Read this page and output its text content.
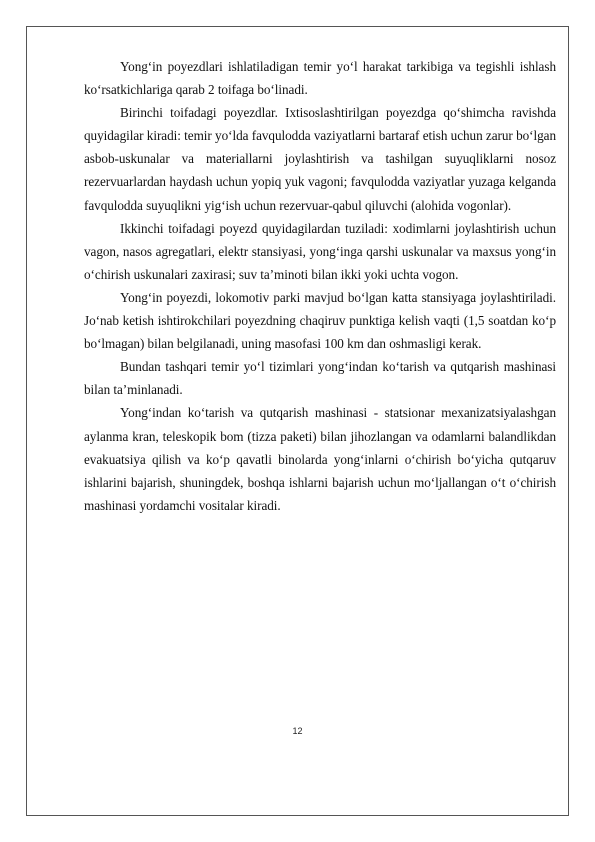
Yong‘in poyezdlari ishlatiladigan temir yo‘l harakat tarkibiga va tegishli ishlash ko‘rsatkichlariga qarab 2 toifaga bo‘linadi.

Birinchi toifadagi poyezdlar. Ixtisoslashtirilgan poyezdga qo‘shimcha ravishda quyidagilar kiradi: temir yo‘lda favqulodda vaziyatlarni bartaraf etish uchun zarur bo‘lgan asbob-uskunalar va materiallarni joylashtirish va tashilgan suyuqliklarni nosoz rezervuarlardan haydash uchun yopiq yuk vagoni; favqulodda vaziyatlar yuzaga kelganda favqulodda suyuqlikni yig‘ish uchun rezervuar-qabul qiluvchi (alohida vogonlar).

Ikkinchi toifadagi poyezd quyidagilardan tuziladi: xodimlarni joylashtirish uchun vagon, nasos agregatlari, elektr stansiyasi, yong‘inga qarshi uskunalar va maxsus yong‘in o‘chirish uskunalari zaxirasi; suv ta’minoti bilan ikki yoki uchta vogon.

Yong‘in poyezdi, lokomotiv parki mavjud bo‘lgan katta stansiyaga joylashtiriladi. Jo‘nab ketish ishtirokchilari poyezdning chaqiruv punktiga kelish vaqti (1,5 soatdan ko‘p bo‘lmagan) bilan belgilanadi, uning masofasi 100 km dan oshmasligi kerak.

Bundan tashqari temir yo‘l tizimlari yong‘indan ko‘tarish va qutqarish mashinasi bilan ta’minlanadi.

Yong‘indan ko‘tarish va qutqarish mashinasi - statsionar mexanizatsiyalashgan aylanma kran, teleskopik bom (tizza paketi) bilan jihozlangan va odamlarni balandlikdan evakuatsiya qilish va ko‘p qavatli binolarda yong‘inlarni o‘chirish bo‘yicha qutqaruv ishlarini bajarish, shuningdek, boshqa ishlarni bajarish uchun mo‘ljallangan o‘t o‘chirish mashinasi yordamchi vositalar kiradi.

12
